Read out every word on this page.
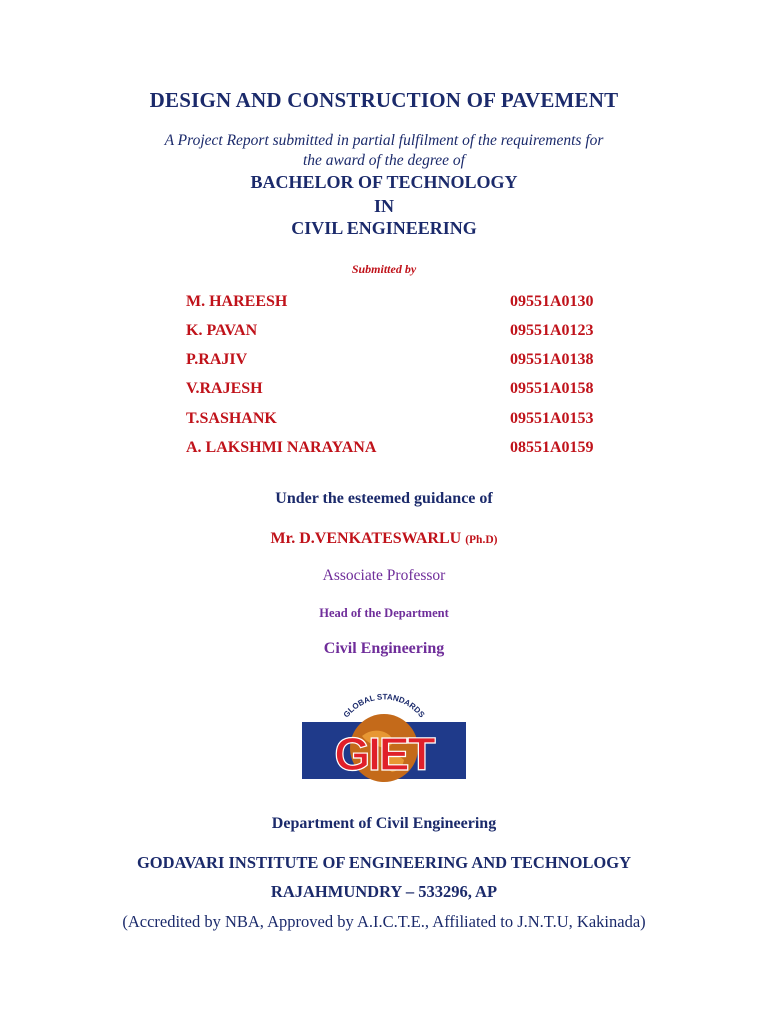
DESIGN AND CONSTRUCTION OF PAVEMENT
A Project Report submitted in partial fulfilment of the requirements for
the award of the degree of
BACHELOR OF TECHNOLOGY
IN
CIVIL ENGINEERING
Submitted by
M. HAREESH	09551A0130
K. PAVAN	09551A0123
P.RAJIV	09551A0138
V.RAJESH	09551A0158
T.SASHANK	09551A0153
A. LAKSHMI NARAYANA	08551A0159
Under the esteemed guidance of
Mr. D.VENKATESWARLU (Ph.D)
Associate Professor
Head of the Department
Civil Engineering
GIET
GLOBAL STANDARDS
Department of Civil Engineering
GODAVARI INSTITUTE OF ENGINEERING AND TECHNOLOGY
RAJAHMUNDRY – 533296, AP
(Accredited by NBA, Approved by A.I.C.T.E., Affiliated to J.N.T.U, Kakinada)
